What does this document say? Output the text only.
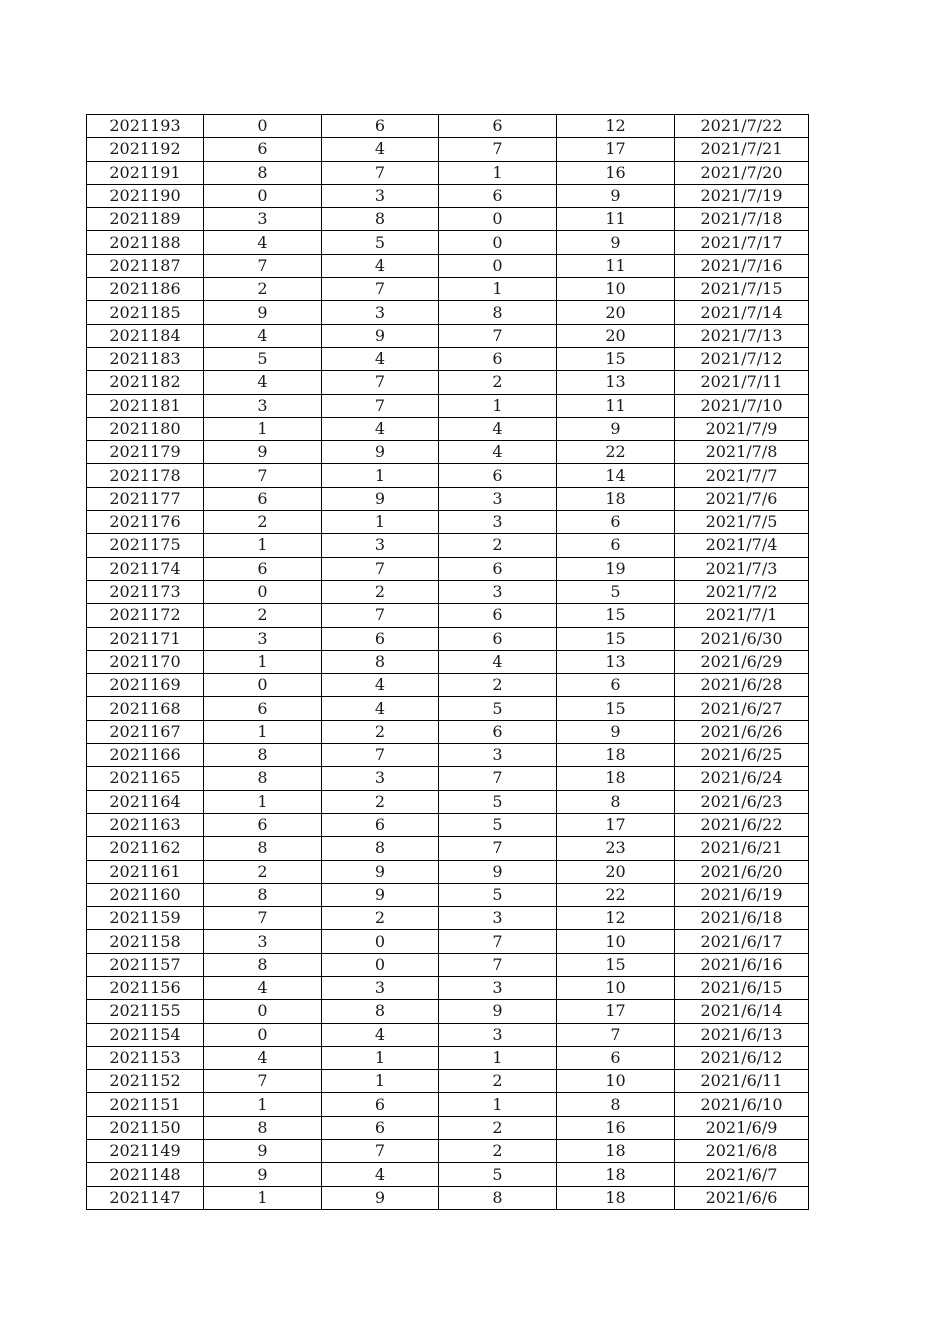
2021193	0	6	6	12	2021/7/22
2021192	6	4	7	17	2021/7/21
2021191	8	7	1	16	2021/7/20
2021190	0	3	6	9	2021/7/19
2021189	3	8	0	11	2021/7/18
2021188	4	5	0	9	2021/7/17
2021187	7	4	0	11	2021/7/16
2021186	2	7	1	10	2021/7/15
2021185	9	3	8	20	2021/7/14
2021184	4	9	7	20	2021/7/13
2021183	5	4	6	15	2021/7/12
2021182	4	7	2	13	2021/7/11
2021181	3	7	1	11	2021/7/10
2021180	1	4	4	9	2021/7/9
2021179	9	9	4	22	2021/7/8
2021178	7	1	6	14	2021/7/7
2021177	6	9	3	18	2021/7/6
2021176	2	1	3	6	2021/7/5
2021175	1	3	2	6	2021/7/4
2021174	6	7	6	19	2021/7/3
2021173	0	2	3	5	2021/7/2
2021172	2	7	6	15	2021/7/1
2021171	3	6	6	15	2021/6/30
2021170	1	8	4	13	2021/6/29
2021169	0	4	2	6	2021/6/28
2021168	6	4	5	15	2021/6/27
2021167	1	2	6	9	2021/6/26
2021166	8	7	3	18	2021/6/25
2021165	8	3	7	18	2021/6/24
2021164	1	2	5	8	2021/6/23
2021163	6	6	5	17	2021/6/22
2021162	8	8	7	23	2021/6/21
2021161	2	9	9	20	2021/6/20
2021160	8	9	5	22	2021/6/19
2021159	7	2	3	12	2021/6/18
2021158	3	0	7	10	2021/6/17
2021157	8	0	7	15	2021/6/16
2021156	4	3	3	10	2021/6/15
2021155	0	8	9	17	2021/6/14
2021154	0	4	3	7	2021/6/13
2021153	4	1	1	6	2021/6/12
2021152	7	1	2	10	2021/6/11
2021151	1	6	1	8	2021/6/10
2021150	8	6	2	16	2021/6/9
2021149	9	7	2	18	2021/6/8
2021148	9	4	5	18	2021/6/7
2021147	1	9	8	18	2021/6/6
